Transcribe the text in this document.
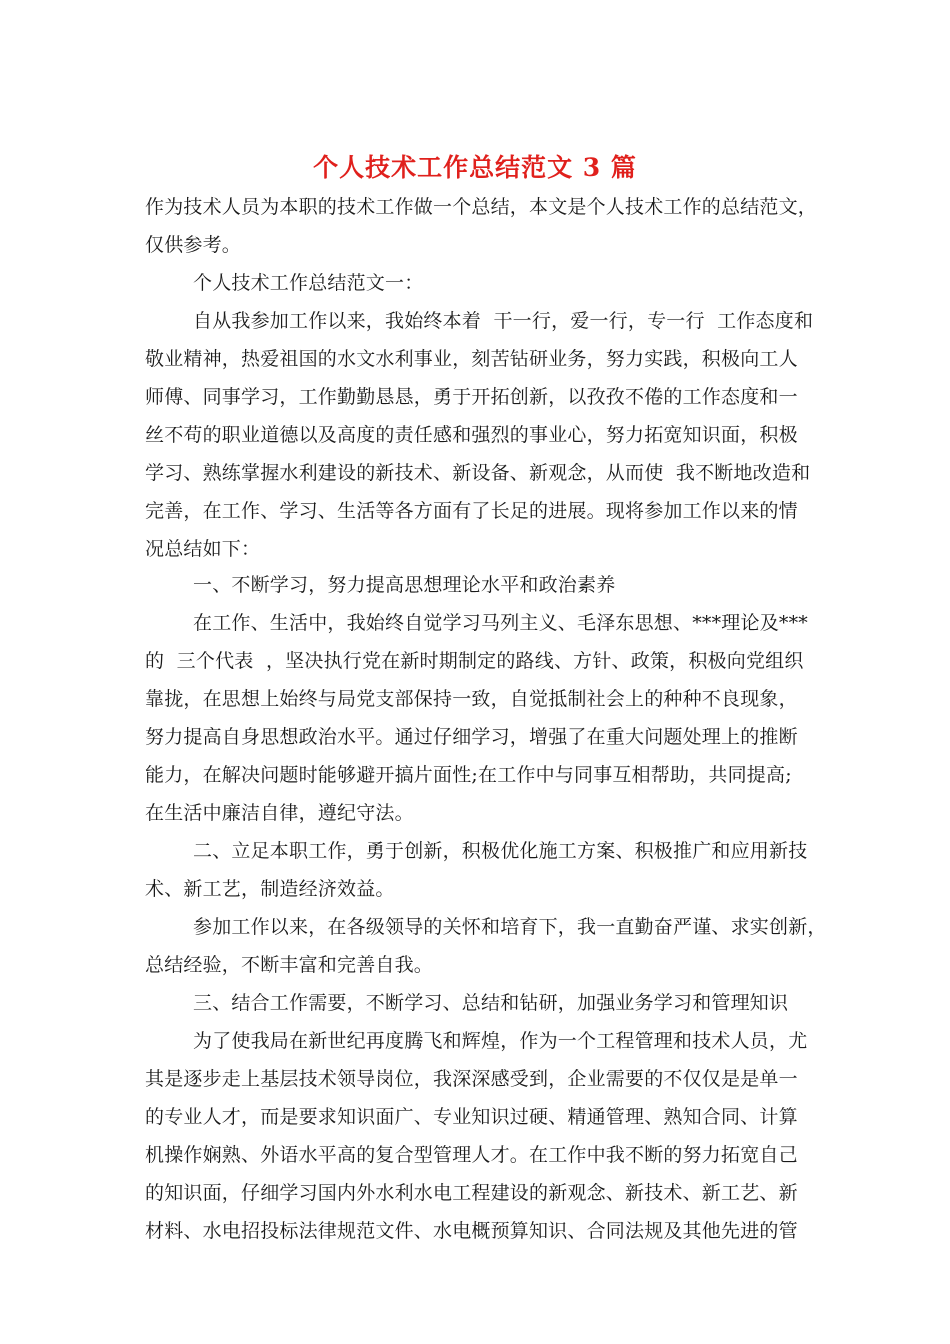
个人技术工作总结范文 3 篇
作为技术人员为本职的技术工作做一个总结，本文是个人技术工作的总结范文，
仅供参考。
个人技术工作总结范文一：
自从我参加工作以来，我始终本着  干一行，爱一行，专一行  工作态度和
敬业精神，热爱祖国的水文水利事业，刻苦钻研业务，努力实践，积极向工人
师傅、同事学习，工作勤勤恳恳，勇于开拓创新，以孜孜不倦的工作态度和一
丝不苟的职业道德以及高度的责任感和强烈的事业心，努力拓宽知识面，积极
学习、熟练掌握水利建设的新技术、新设备、新观念，从而使  我不断地改造和
完善，在工作、学习、生活等各方面有了长足的进展。现将参加工作以来的情
况总结如下：
一、不断学习，努力提高思想理论水平和政治素养
在工作、生活中，我始终自觉学习马列主义、毛泽东思想、***理论及***
的  三个代表  ，坚决执行党在新时期制定的路线、方针、政策，积极向党组织
靠拢，在思想上始终与局党支部保持一致，自觉抵制社会上的种种不良现象，
努力提高自身思想政治水平。通过仔细学习，增强了在重大问题处理上的推断
能力，在解决问题时能够避开搞片面性;在工作中与同事互相帮助，共同提高;
在生活中廉洁自律，遵纪守法。
二、立足本职工作，勇于创新，积极优化施工方案、积极推广和应用新技
术、新工艺，制造经济效益。
参加工作以来，在各级领导的关怀和培育下，我一直勤奋严谨、求实创新，
总结经验，不断丰富和完善自我。
三、结合工作需要，不断学习、总结和钻研，加强业务学习和管理知识
为了使我局在新世纪再度腾飞和辉煌，作为一个工程管理和技术人员，尤
其是逐步走上基层技术领导岗位，我深深感受到，企业需要的不仅仅是是单一
的专业人才，而是要求知识面广、专业知识过硬、精通管理、熟知合同、计算
机操作娴熟、外语水平高的复合型管理人才。在工作中我不断的努力拓宽自己
的知识面，仔细学习国内外水利水电工程建设的新观念、新技术、新工艺、新
材料、水电招投标法律规范文件、水电概预算知识、合同法规及其他先进的管
